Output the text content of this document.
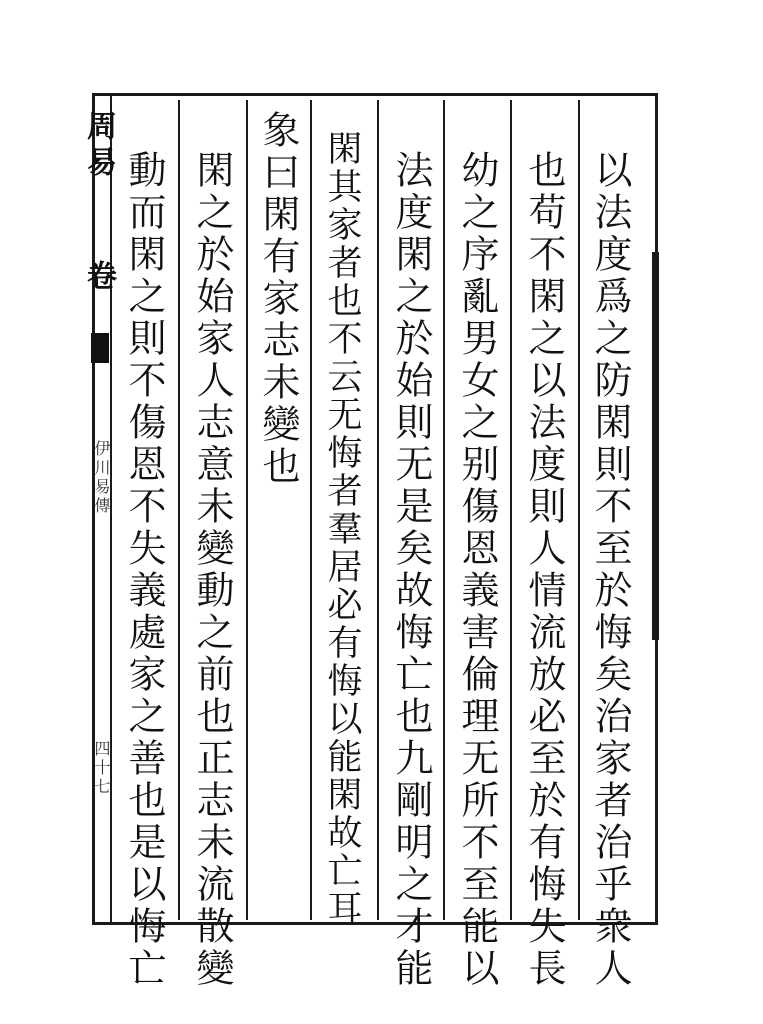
周易
卷
伊川易傳
四十七	以法度爲之防閑則不至於悔矣治家者治乎衆人
也苟不閑之以法度則人情流放必至於有悔失長
幼之序亂男女之别傷恩義害倫理无所不至能以
法度閑之於始則无是矣故悔亡也九剛明之才能
閑其家者也不云无悔者羣居必有悔以能閑故亡耳
象曰閑有家志未變也
閑之於始家人志意未變動之前也正志未流散變
動而閑之則不傷恩不失義處家之善也是以悔亡
